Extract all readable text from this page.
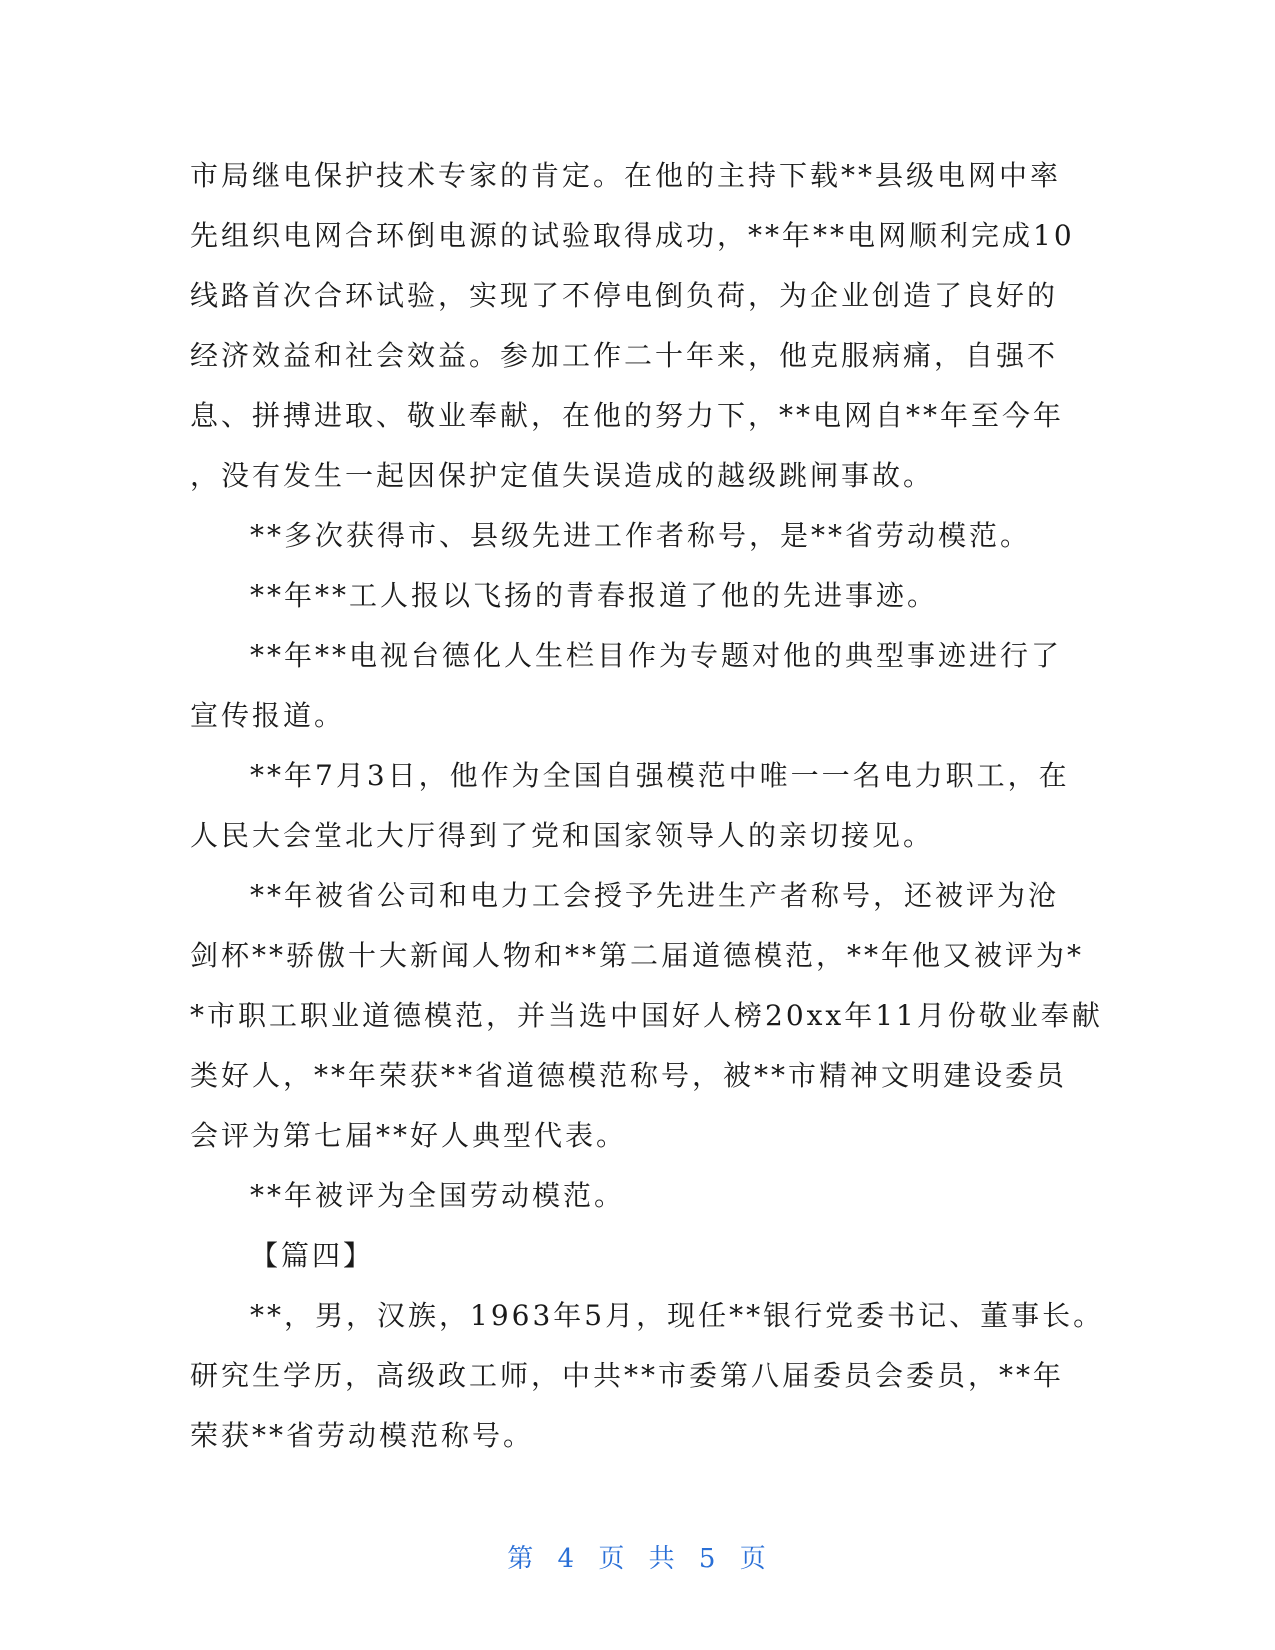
市局继电保护技术专家的肯定。在他的主持下载**县级电网中率
先组织电网合环倒电源的试验取得成功，**年**电网顺利完成10
线路首次合环试验，实现了不停电倒负荷，为企业创造了良好的
经济效益和社会效益。参加工作二十年来，他克服病痛，自强不
息、拼搏进取、敬业奉献，在他的努力下，**电网自**年至今年
，没有发生一起因保护定值失误造成的越级跳闸事故。
**多次获得市、县级先进工作者称号，是**省劳动模范。
**年**工人报以飞扬的青春报道了他的先进事迹。
**年**电视台德化人生栏目作为专题对他的典型事迹进行了
宣传报道。
**年7月3日，他作为全国自强模范中唯一一名电力职工，在
人民大会堂北大厅得到了党和国家领导人的亲切接见。
**年被省公司和电力工会授予先进生产者称号，还被评为沧
剑杯**骄傲十大新闻人物和**第二届道德模范，**年他又被评为*
*市职工职业道德模范，并当选中国好人榜20xx年11月份敬业奉献
类好人，**年荣获**省道德模范称号，被**市精神文明建设委员
会评为第七届**好人典型代表。
**年被评为全国劳动模范。
【篇四】
**，男，汉族，1963年5月，现任**银行党委书记、董事长。
研究生学历，高级政工师，中共**市委第八届委员会委员，**年
荣获**省劳动模范称号。
第 4 页 共 5 页
